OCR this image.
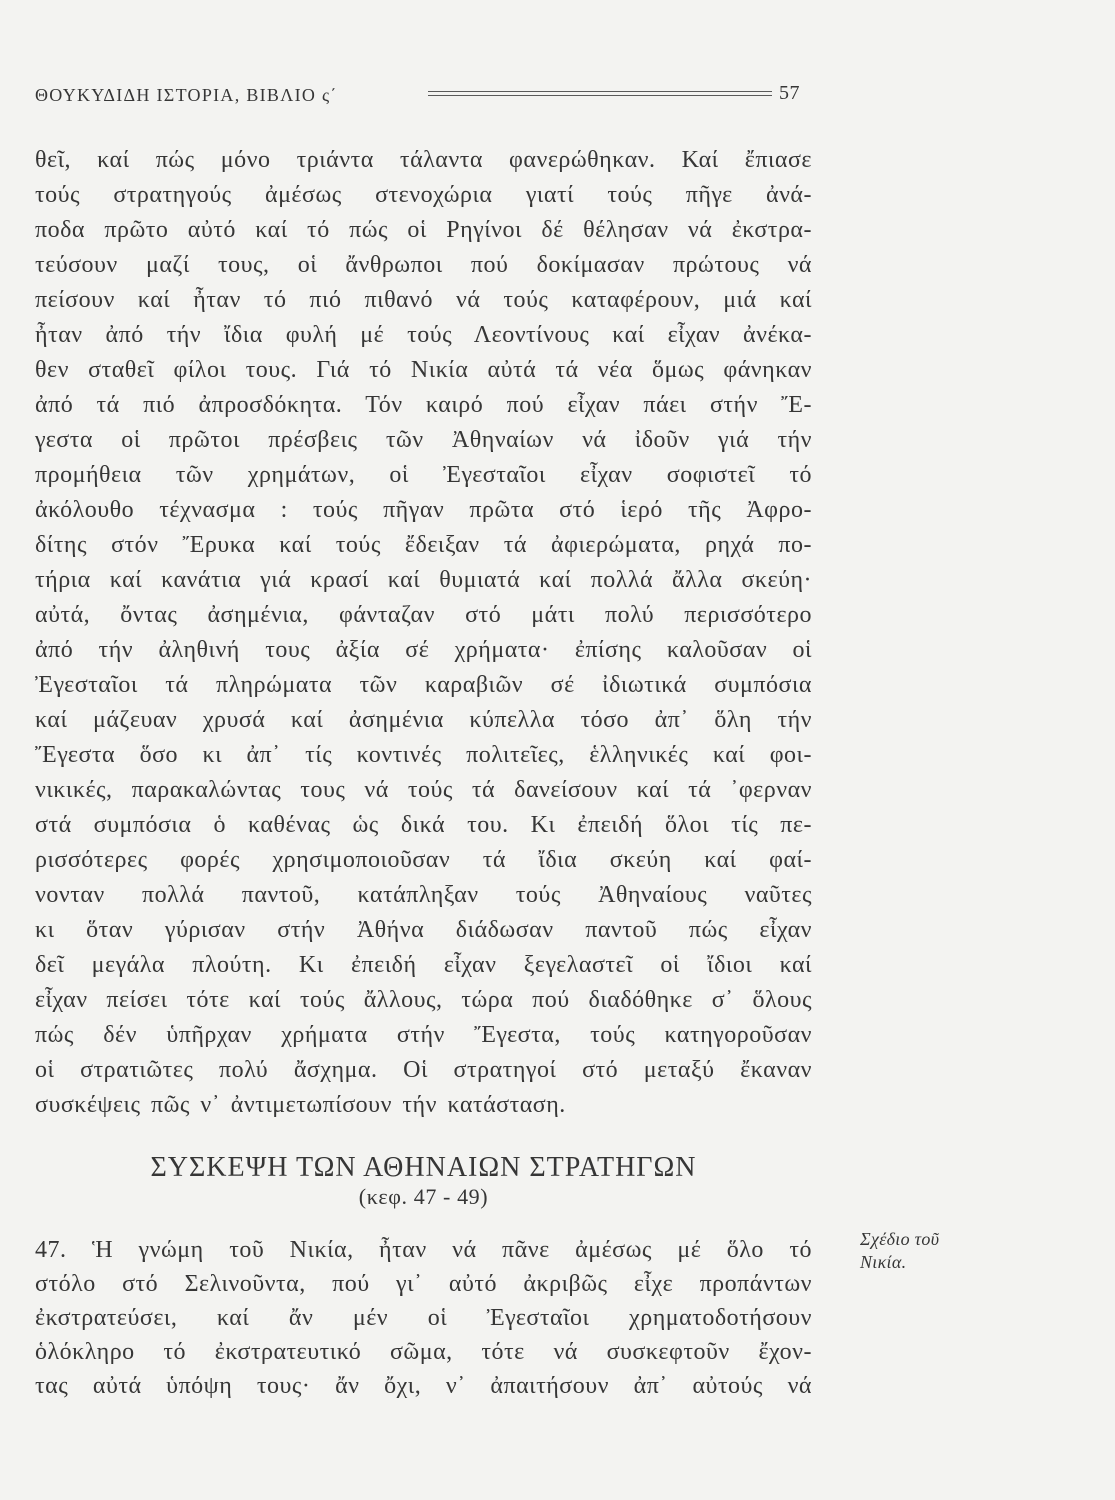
ΘΟΥΚΥΔΙΔΗ ΙΣΤΟΡΙΑ, ΒΙΒΛΙΟ ς΄	57
θεῖ, καί πώς μόνο τριάντα τάλαντα φανερώθηκαν. Καί ἔπιασε
τούς στρατηγούς ἀμέσως στενοχώρια γιατί τούς πῆγε ἀνά-
ποδα πρῶτο αὐτό καί τό πώς οἱ Ρηγίνοι δέ θέλησαν νά ἐκστρα-
τεύσουν μαζί τους, οἱ ἄνθρωποι πού δοκίμασαν πρώτους νά
πείσουν καί ἦταν τό πιό πιθανό νά τούς καταφέρουν, μιά καί
ἦταν ἀπό τήν ἴδια φυλή μέ τούς Λεοντίνους καί εἶχαν ἀνέκα-
θεν σταθεῖ φίλοι τους. Γιά τό Νικία αὐτά τά νέα ὅμως φάνηκαν
ἀπό τά πιό ἀπροσδόκητα. Τόν καιρό πού εἶχαν πάει στήν Ἔ-
γεστα οἱ πρῶτοι πρέσβεις τῶν Ἀθηναίων νά ἰδοῦν γιά τήν
προμήθεια τῶν χρημάτων, οἱ Ἐγεσταῖοι εἶχαν σοφιστεῖ τό
ἀκόλουθο τέχνασμα : τούς πῆγαν πρῶτα στό ἱερό τῆς Ἀφρο-
δίτης στόν Ἔρυκα καί τούς ἔδειξαν τά ἀφιερώματα, ρηχά πο-
τήρια καί κανάτια γιά κρασί καί θυμιατά καί πολλά ἄλλα σκεύη·
αὐτά, ὄντας ἀσημένια, φάνταζαν στό μάτι πολύ περισσότερο
ἀπό τήν ἀληθινή τους ἀξία σέ χρήματα· ἐπίσης καλοῦσαν οἱ
Ἐγεσταῖοι τά πληρώματα τῶν καραβιῶν σέ ἰδιωτικά συμπόσια
καί μάζευαν χρυσά καί ἀσημένια κύπελλα τόσο ἀπ᾿ ὅλη τήν
Ἔγεστα ὅσο κι ἀπ᾿ τίς κοντινές πολιτεῖες, ἑλληνικές καί φοι-
νικικές, παρακαλώντας τους νά τούς τά δανείσουν καί τά ᾿φερναν
στά συμπόσια ὁ καθένας ὡς δικά του. Κι ἐπειδή ὅλοι τίς πε-
ρισσότερες φορές χρησιμοποιοῦσαν τά ἴδια σκεύη καί φαί-
νονταν πολλά παντοῦ, κατάπληξαν τούς Ἀθηναίους ναῦτες
κι ὅταν γύρισαν στήν Ἀθήνα διάδωσαν παντοῦ πώς εἶχαν
δεῖ μεγάλα πλούτη. Κι ἐπειδή εἶχαν ξεγελαστεῖ οἱ ἴδιοι καί
εἶχαν πείσει τότε καί τούς ἄλλους, τώρα πού διαδόθηκε σ᾿ ὅλους
πώς δέν ὑπῆρχαν χρήματα στήν Ἔγεστα, τούς κατηγοροῦσαν
οἱ στρατιῶτες πολύ ἄσχημα. Οἱ στρατηγοί στό μεταξύ ἔκαναν
συσκέψεις πῶς ν᾿ ἀντιμετωπίσουν τήν κατάσταση.
ΣΥΣΚΕΨΗ ΤΩΝ ΑΘΗΝΑΙΩΝ ΣΤΡΑΤΗΓΩΝ
(κεφ. 47 - 49)
47. Ἡ γνώμη τοῦ Νικία, ἦταν νά πᾶνε ἀμέσως μέ ὅλο τό
στόλο στό Σελινοῦντα, πού γι᾿ αὐτό ἀκριβῶς εἶχε προπάντων
ἐκστρατεύσει, καί ἄν μέν οἱ Ἐγεσταῖοι χρηματοδοτήσουν
ὁλόκληρο τό ἐκστρατευτικό σῶμα, τότε νά συσκεφτοῦν ἔχον-
τας αὐτά ὑπόψη τους· ἄν ὄχι, ν᾿ ἀπαιτήσουν ἀπ᾿ αὐτούς νά
Σχέδιο τοῦ
Νικία.
